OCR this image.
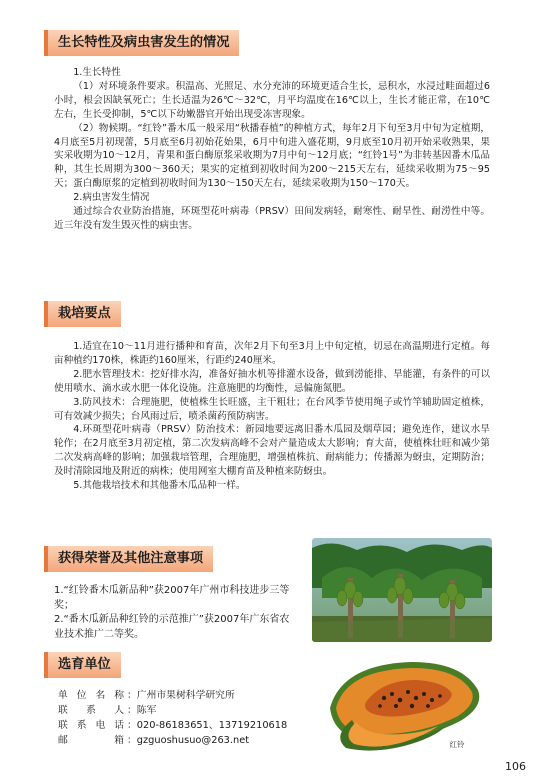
生长特性及病虫害发生的情况

1.生长特性

（1）对环境条件要求。积温高、光照足、水分充沛的环境更适合生长，忌积水，水浸过畦面超过6小时，根会因缺氧死亡；生长适温为26℃～32℃，月平均温度在16℃以上，生长才能正常，在10℃左右，生长受抑制，5℃以下幼嫩器官开始出现受冻害现象。

（2）物候期。“红铃”番木瓜一般采用“秋播春植”的种植方式，每年2月下旬至3月中旬为定植期，4月底至5月初现蕾，5月底至6月初始花始果，6月中旬进入盛花期，9月底至10月初开始采收熟果，果实采收期为10～12月，青果和蛋白酶原浆采收期为7月中旬～12月底；“红铃1号”为非转基因番木瓜品种，其生长周期为300～360天；果实的定植到初收时间为200～215天左右，延续采收期为75～95天；蛋白酶原浆的定植到初收时间为130～150天左右，延续采收期为150～170天。

2.病虫害发生情况

通过综合农业防治措施，环斑型花叶病毒（PRSV）田间发病轻，耐寒性、耐旱性、耐涝性中等。近三年没有发生毁灭性的病虫害。

栽培要点

1.适宜在10～11月进行播种和育苗，次年2月下旬至3月上中旬定植，切忌在高温期进行定植。每亩种植约170株，株距约160厘米，行距约240厘米。

2.肥水管理技术：挖好排水沟，准备好抽水机等排灌水设备，做到涝能排、旱能灌，有条件的可以使用喷水、滴水或水肥一体化设施。注意施肥的均衡性，忌偏施氮肥。

3.防风技术：合理施肥，使植株生长旺盛，主干粗壮；在台风季节使用绳子或竹竿辅助固定植株，可有效减少损失；台风雨过后，喷杀菌药预防病害。

4.环斑型花叶病毒（PRSV）防治技术：新园地要远离旧番木瓜园及烟草园；避免连作，建议水旱轮作；在2月底至3月初定植，第二次发病高峰不会对产量造成太大影响；育大苗，使植株壮旺和减少第二次发病高峰的影响；加强栽培管理，合理施肥，增强植株抗、耐病能力；传播源为蚜虫，定期防治；及时清除园地及附近的病株；使用网室大棚育苗及种植来防蚜虫。

5.其他栽培技术和其他番木瓜品种一样。

获得荣誉及其他注意事项

1.“红铃番木瓜新品种”获2007年广州市科技进步三等奖；

2.“番木瓜新品种红铃的示范推广”获2007年广东省农业技术推广二等奖。

选育单位
单位名称 ： 广州市果树科学研究所
联系人 ： 陈军
联系电话 ： 020-86183651、13719210618
邮箱 ： gzguoshusuo@263.net	红铃
106
